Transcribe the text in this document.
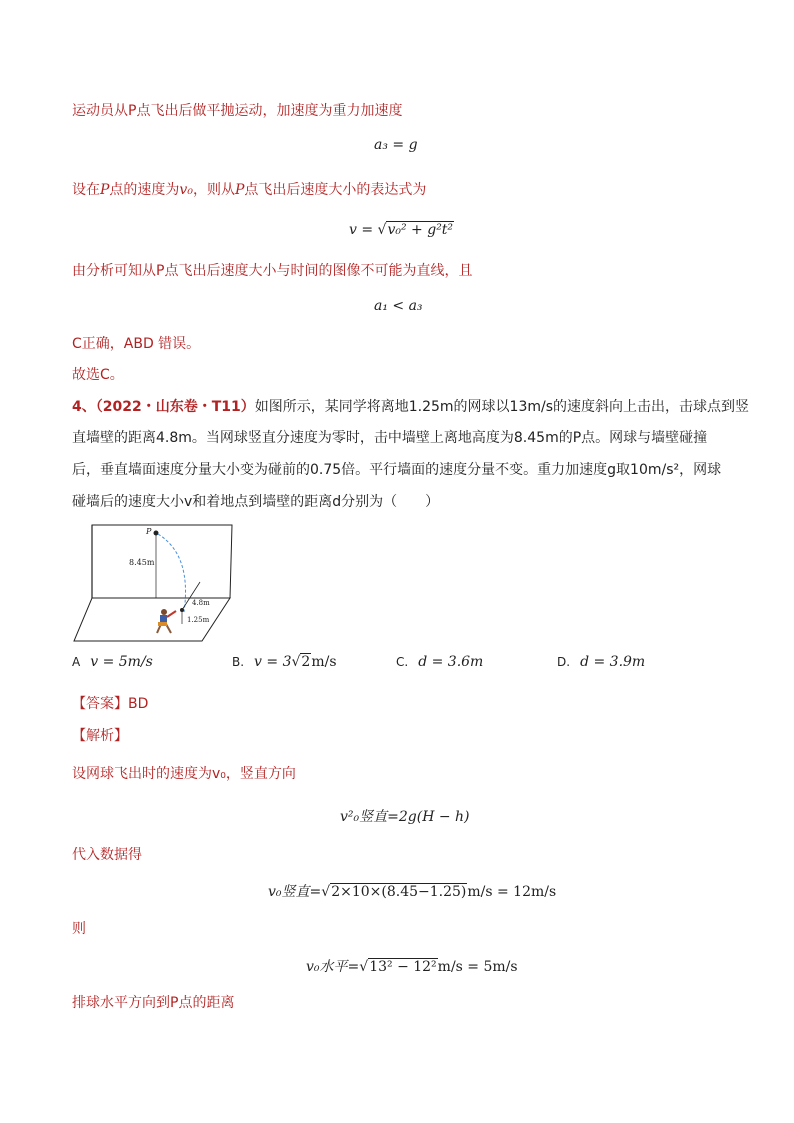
运动员从P点飞出后做平抛运动，加速度为重力加速度
a₃ = g
设在P点的速度为v₀，则从P点飞出后速度大小的表达式为
v = √v₀² + g²t²
由分析可知从P点飞出后速度大小与时间的图像不可能为直线，且
a₁ < a₃
C正确，ABD 错误。
故选C。
4、（2022・山东卷・T11）如图所示，某同学将离地1.25m的网球以13m/s的速度斜向上击出，击球点到竖
直墙壁的距离4.8m。当网球竖直分速度为零时，击中墙壁上离地高度为8.45m的P点。网球与墙壁碰撞
后，垂直墙面速度分量大小变为碰前的0.75倍。平行墙面的速度分量不变。重力加速度g取10m/s²，网球
碰墙后的速度大小v和着地点到墙壁的距离d分别为（　　）
P
8.45m
4.8m
1.25m
A v = 5m/s	B. v = 3√2m/s	C. d = 3.6m	D. d = 3.9m
【答案】BD
【解析】
设网球飞出时的速度为v₀，竖直方向
v²₀竖直=2g(H − h)
代入数据得
v₀竖直=√2×10×(8.45−1.25)m/s = 12m/s
则
v₀水平=√13² − 12²m/s = 5m/s
排球水平方向到P点的距离
